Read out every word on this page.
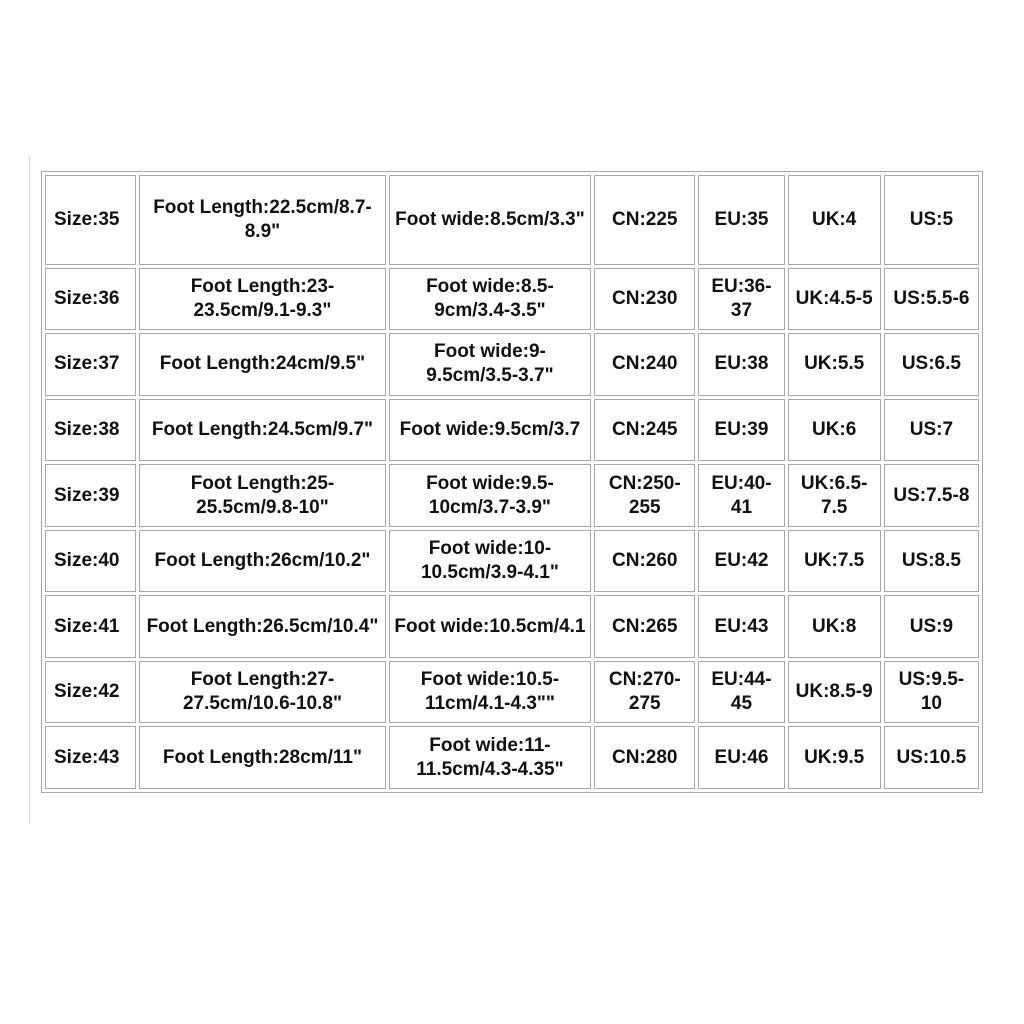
Size:35	Foot Length:22.5cm/8.7-8.9"	Foot wide:8.5cm/3.3"	CN:225	EU:35	UK:4	US:5
Size:36	Foot Length:23-23.5cm/9.1-9.3"	Foot wide:8.5-9cm/3.4-3.5"	CN:230	EU:36-37	UK:4.5-5	US:5.5-6
Size:37	Foot Length:24cm/9.5"	Foot wide:9-9.5cm/3.5-3.7"	CN:240	EU:38	UK:5.5	US:6.5
Size:38	Foot Length:24.5cm/9.7"	Foot wide:9.5cm/3.7	CN:245	EU:39	UK:6	US:7
Size:39	Foot Length:25-25.5cm/9.8-10"	Foot wide:9.5-10cm/3.7-3.9"	CN:250-255	EU:40-41	UK:6.5-7.5	US:7.5-8
Size:40	Foot Length:26cm/10.2"	Foot wide:10-10.5cm/3.9-4.1"	CN:260	EU:42	UK:7.5	US:8.5
Size:41	Foot Length:26.5cm/10.4"	Foot wide:10.5cm/4.1	CN:265	EU:43	UK:8	US:9
Size:42	Foot Length:27-27.5cm/10.6-10.8"	Foot wide:10.5-11cm/4.1-4.3""	CN:270-275	EU:44-45	UK:8.5-9	US:9.5-10
Size:43	Foot Length:28cm/11"	Foot wide:11-11.5cm/4.3-4.35"	CN:280	EU:46	UK:9.5	US:10.5
